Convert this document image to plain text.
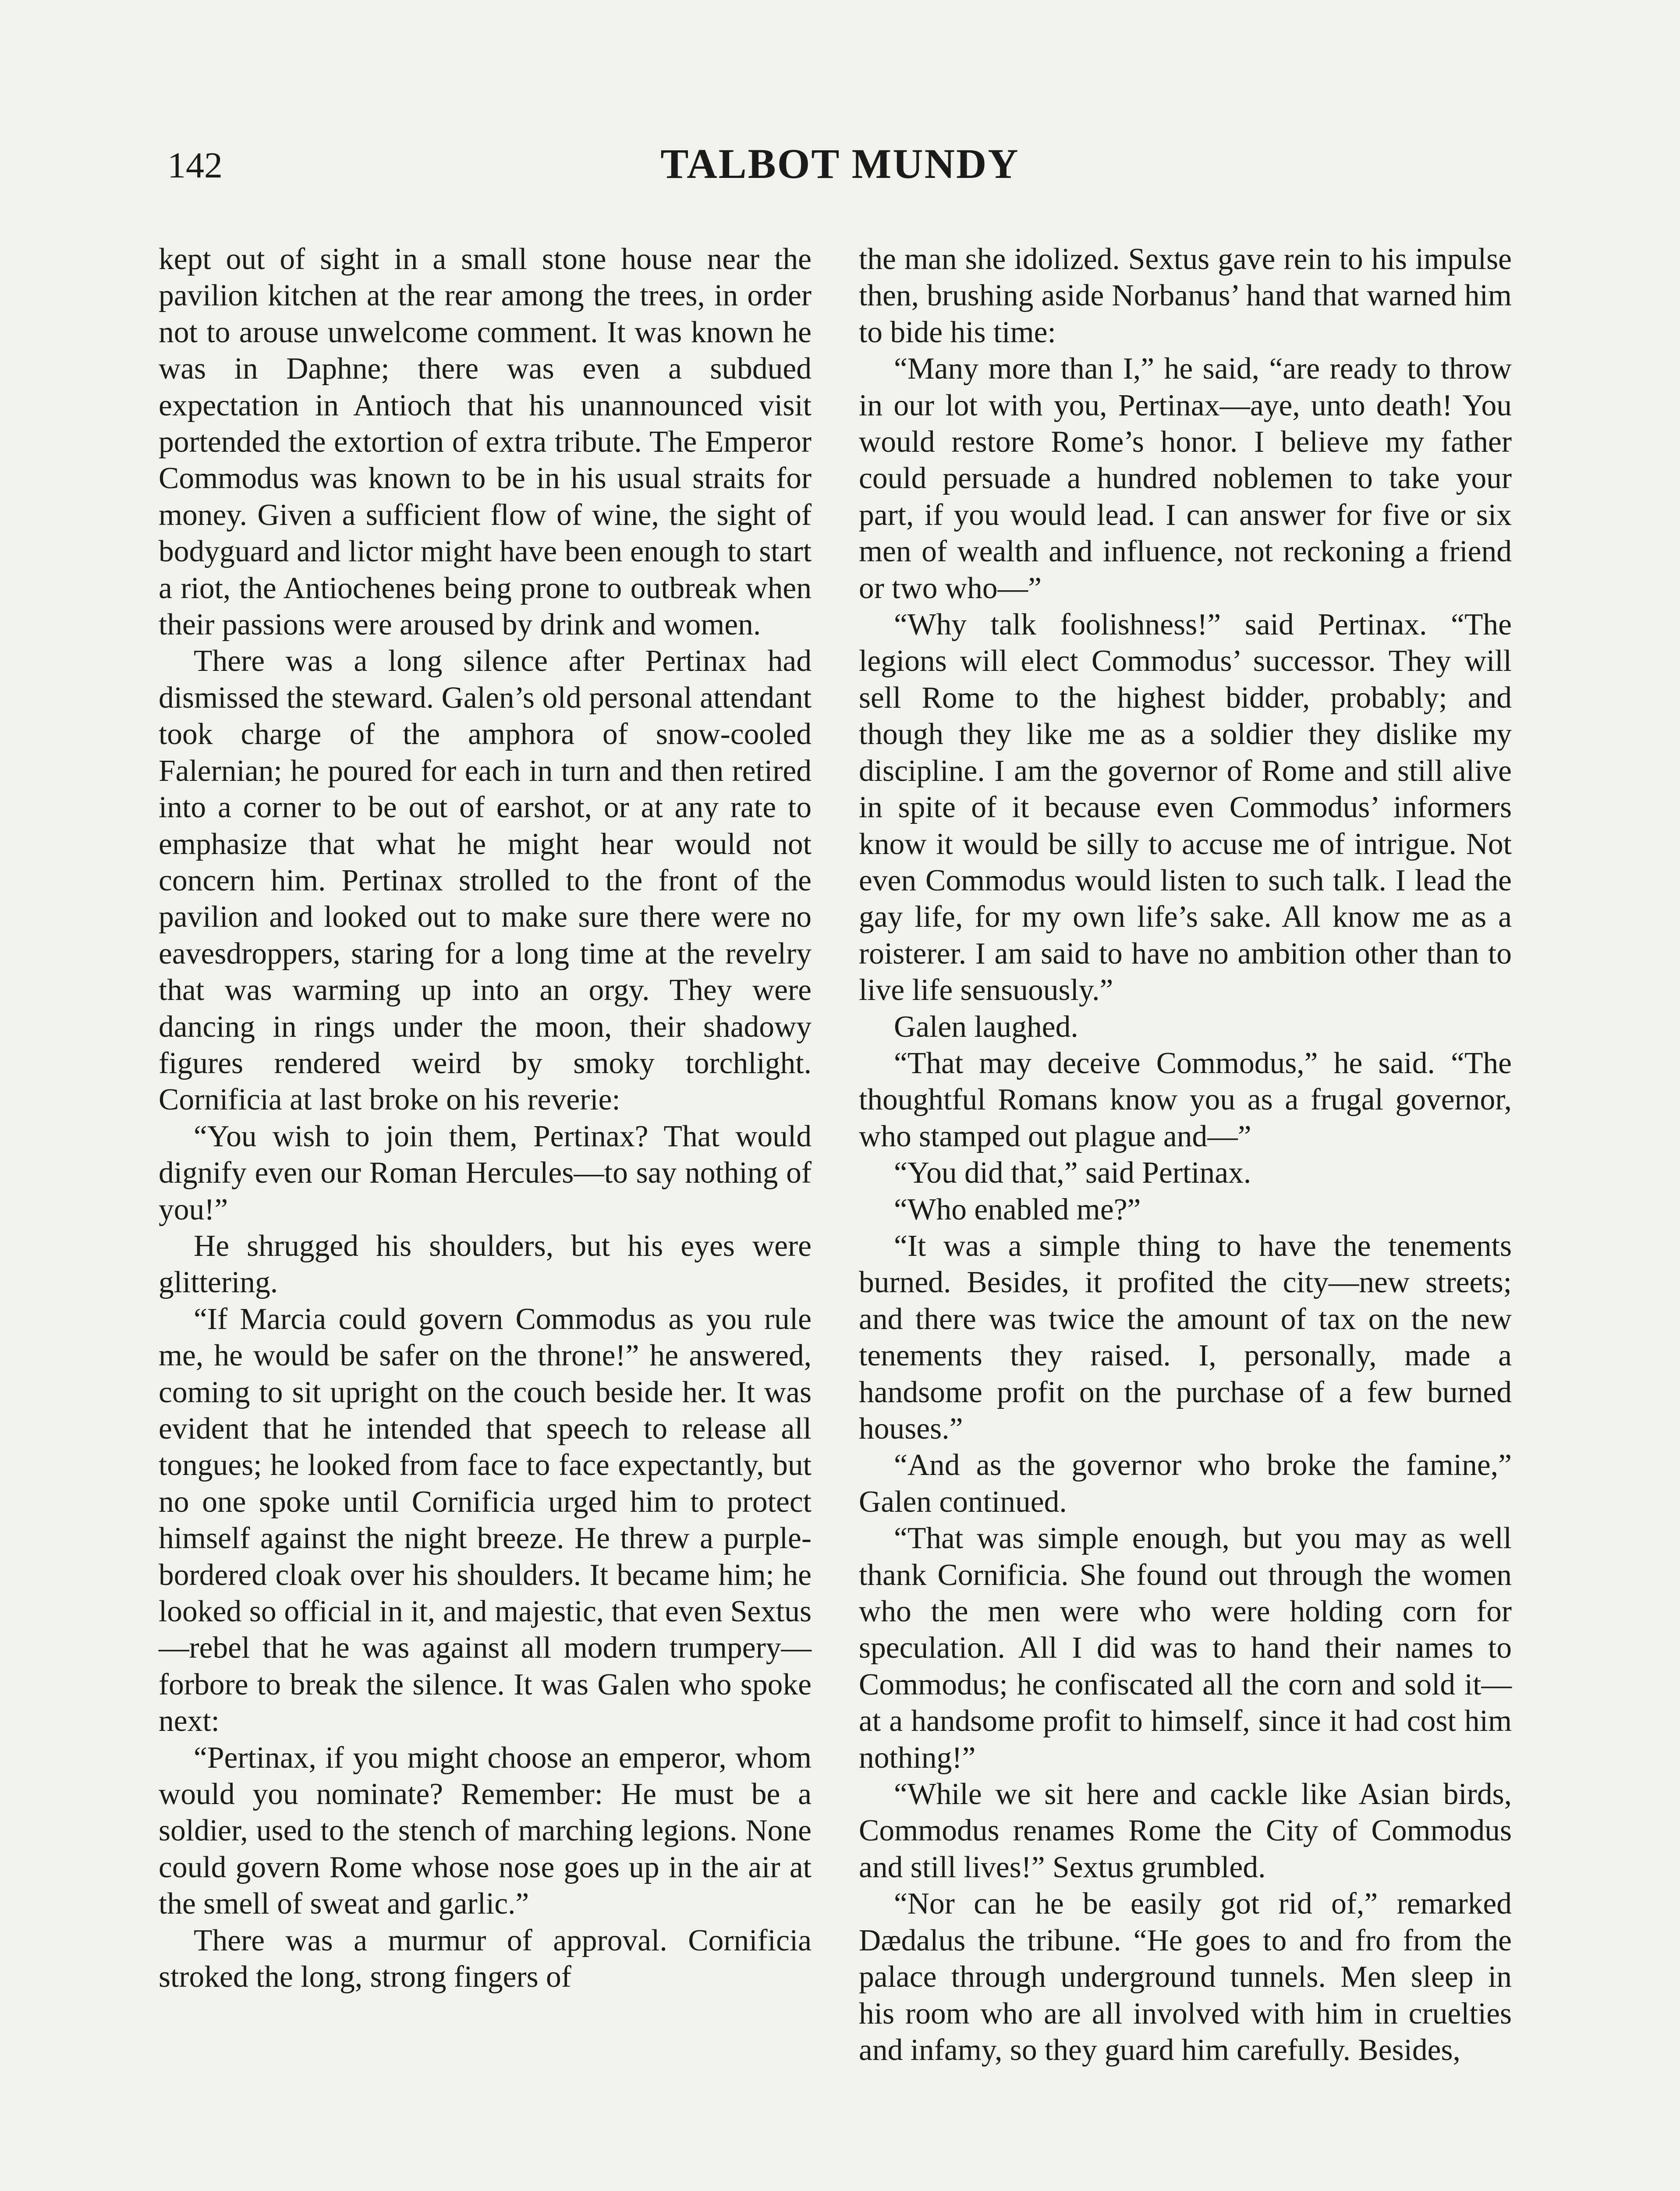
142	TALBOT MUNDY

kept out of sight in a small stone house near the pavilion kitchen at the rear among the trees, in order not to arouse unwelcome comment. It was known he was in Daphne; there was even a subdued expectation in Antioch that his unannounced visit portended the extortion of extra tribute. The Emperor Commodus was known to be in his usual straits for money. Given a sufficient flow of wine, the sight of bodyguard and lictor might have been enough to start a riot, the Antiochenes being prone to outbreak when their passions were aroused by drink and women.

There was a long silence after Pertinax had dismissed the steward. Galen’s old personal attendant took charge of the amphora of snow-cooled Falernian; he poured for each in turn and then retired into a corner to be out of earshot, or at any rate to emphasize that what he might hear would not concern him. Pertinax strolled to the front of the pavilion and looked out to make sure there were no eavesdroppers, staring for a long time at the revelry that was warming up into an orgy. They were dancing in rings under the moon, their shadowy figures rendered weird by smoky torchlight. Cornificia at last broke on his reverie:

“You wish to join them, Pertinax? That would dignify even our Roman Hercules—to say nothing of you!”

He shrugged his shoulders, but his eyes were glittering.

“If Marcia could govern Commodus as you rule me, he would be safer on the throne!” he answered, coming to sit upright on the couch beside her. It was evident that he intended that speech to release all tongues; he looked from face to face expectantly, but no one spoke until Cornificia urged him to protect himself against the night breeze. He threw a purple-bordered cloak over his shoulders. It became him; he looked so official in it, and majestic, that even Sextus—rebel that he was against all modern trumpery—forbore to break the silence. It was Galen who spoke next:

“Pertinax, if you might choose an emperor, whom would you nominate? Remember: He must be a soldier, used to the stench of marching legions. None could govern Rome whose nose goes up in the air at the smell of sweat and garlic.”

There was a murmur of approval. Cornificia stroked the long, strong fingers of

the man she idolized. Sextus gave rein to his impulse then, brushing aside Norbanus’ hand that warned him to bide his time:

“Many more than I,” he said, “are ready to throw in our lot with you, Pertinax—aye, unto death! You would restore Rome’s honor. I believe my father could persuade a hundred noblemen to take your part, if you would lead. I can answer for five or six men of wealth and influence, not reckoning a friend or two who—”

“Why talk foolishness!” said Pertinax. “The legions will elect Commodus’ successor. They will sell Rome to the highest bidder, probably; and though they like me as a soldier they dislike my discipline. I am the governor of Rome and still alive in spite of it because even Commodus’ informers know it would be silly to accuse me of intrigue. Not even Commodus would listen to such talk. I lead the gay life, for my own life’s sake. All know me as a roisterer. I am said to have no ambition other than to live life sensuously.”

Galen laughed.

“That may deceive Commodus,” he said. “The thoughtful Romans know you as a frugal governor, who stamped out plague and—”

“You did that,” said Pertinax.

“Who enabled me?”

“It was a simple thing to have the tenements burned. Besides, it profited the city—new streets; and there was twice the amount of tax on the new tenements they raised. I, personally, made a handsome profit on the purchase of a few burned houses.”

“And as the governor who broke the famine,” Galen continued.

“That was simple enough, but you may as well thank Cornificia. She found out through the women who the men were who were holding corn for speculation. All I did was to hand their names to Commodus; he confiscated all the corn and sold it—at a handsome profit to himself, since it had cost him nothing!”

“While we sit here and cackle like Asian birds, Commodus renames Rome the City of Commodus and still lives!” Sextus grumbled.

“Nor can he be easily got rid of,” remarked Dædalus the tribune. “He goes to and fro from the palace through underground tunnels. Men sleep in his room who are all involved with him in cruelties and infamy, so they guard him carefully. Besides,
